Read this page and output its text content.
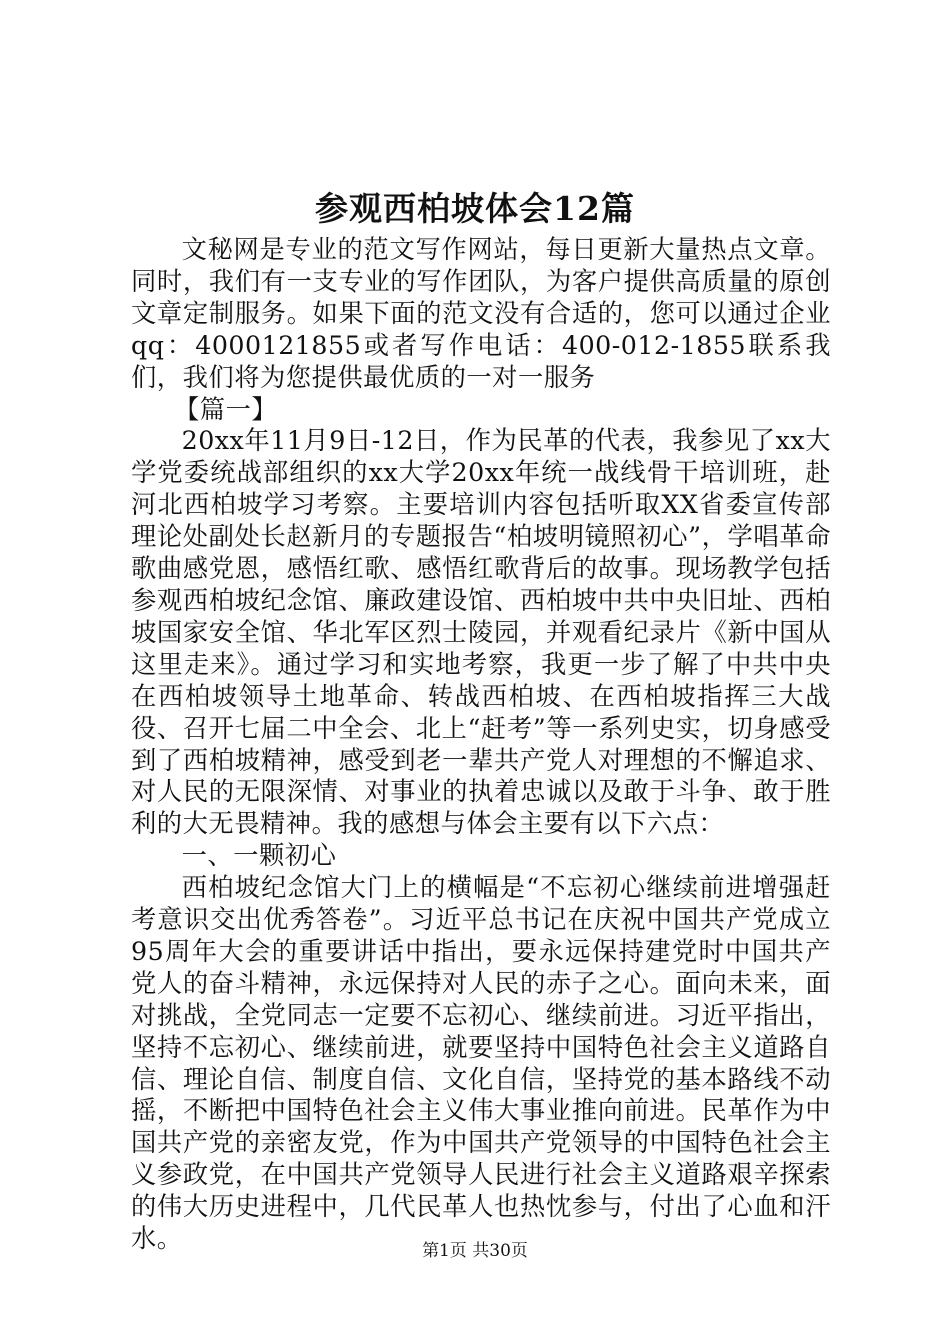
参观西柏坡体会12篇

文秘网是专业的范文写作网站，每日更新大量热点文章。同时，我们有一支专业的写作团队，为客户提供高质量的原创文章定制服务。如果下面的范文没有合适的，您可以通过企业qq：4000121855或者写作电话：400-012-1855联系我们，我们将为您提供最优质的一对一服务

【篇一】

20xx年11月9日-12日，作为民革的代表，我参见了xx大学党委统战部组织的xx大学20xx年统一战线骨干培训班，赴河北西柏坡学习考察。主要培训内容包括听取XX省委宣传部理论处副处长赵新月的专题报告“柏坡明镜照初心”，学唱革命歌曲感党恩，感悟红歌、感悟红歌背后的故事。现场教学包括参观西柏坡纪念馆、廉政建设馆、西柏坡中共中央旧址、西柏坡国家安全馆、华北军区烈士陵园，并观看纪录片《新中国从这里走来》。通过学习和实地考察，我更一步了解了中共中央在西柏坡领导土地革命、转战西柏坡、在西柏坡指挥三大战役、召开七届二中全会、北上“赶考”等一系列史实，切身感受到了西柏坡精神，感受到老一辈共产党人对理想的不懈追求、对人民的无限深情、对事业的执着忠诚以及敢于斗争、敢于胜利的大无畏精神。我的感想与体会主要有以下六点：

一、一颗初心

西柏坡纪念馆大门上的横幅是“不忘初心继续前进增强赶考意识交出优秀答卷”。习近平总书记在庆祝中国共产党成立95周年大会的重要讲话中指出，要永远保持建党时中国共产党人的奋斗精神，永远保持对人民的赤子之心。面向未来，面对挑战，全党同志一定要不忘初心、继续前进。习近平指出，坚持不忘初心、继续前进，就要坚持中国特色社会主义道路自信、理论自信、制度自信、文化自信，坚持党的基本路线不动摇，不断把中国特色社会主义伟大事业推向前进。民革作为中国共产党的亲密友党，作为中国共产党领导的中国特色社会主义参政党，在中国共产党领导人民进行社会主义道路艰辛探索的伟大历史进程中，几代民革人也热忱参与，付出了心血和汗水。	第1页 共30页
